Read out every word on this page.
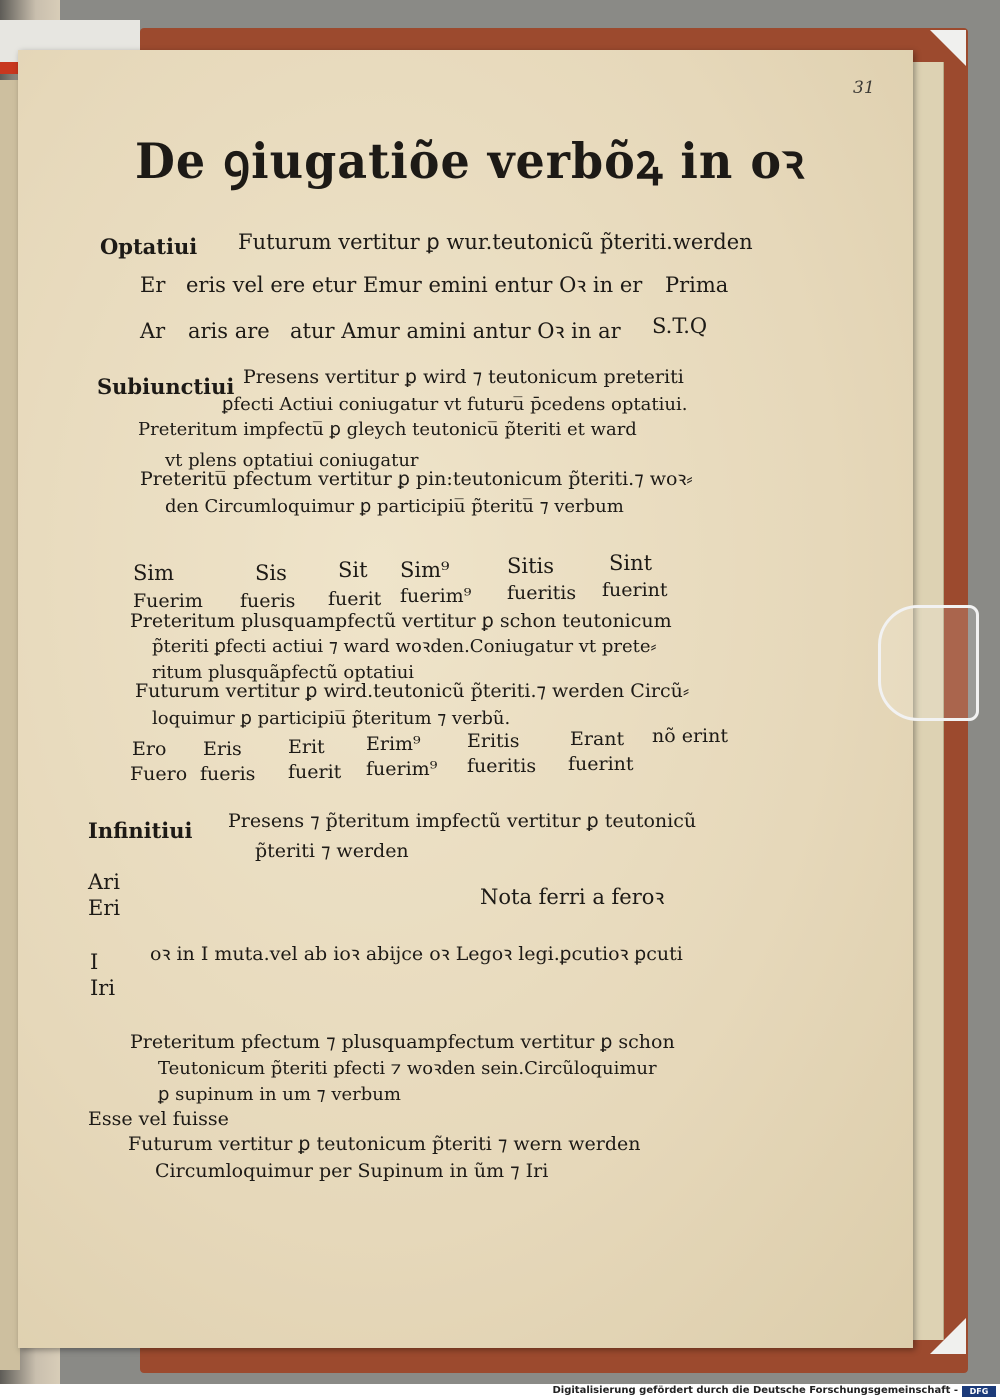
31
De ꝯiugatiõe verbõꝝ in oꝛ
Optatiui Futurum vertitur ꝑ wur.teutonicũ p̃teriti.werden
Er eris vel ere etur Emur emini entur Oꝛ in er Prima
Ar aris are atur Amur amini antur Oꝛ in ar S.T.Q
Subiunctiui Presens vertitur ꝑ wird ⁊ teutonicum preteriti
ꝑfecti Actiui coniugatur vt futuru̅ p̄cedens optatiui.
Preteritum impfectu̅ ꝑ gleych teutonicu̅ p̃teriti et ward
vt plens optatiui coniugatur
Preteritu̅ pfectum vertitur ꝑ pin:teutonicum p̃teriti.⁊ woꝛ⸗
den Circumloquimur ꝑ participiu̅ p̃teritu̅ ⁊ verbum
Sim	Sis Sit Sim⁹	Sitis	Sint
Fuerim fueris fuerit fuerim⁹ fueritis fuerint
Preteritum plusquampfectũ vertitur ꝑ schon teutonicum
p̃teriti ꝑfecti actiui ⁊ ward woꝛden.Coniugatur vt prete⸗
ritum plusquãpfectũ optatiui
Futurum vertitur ꝑ wird.teutonicũ p̃teriti.⁊ werden Circũ⸗
loquimur ꝑ participiu̅ p̃teritum ⁊ verbũ.
Ero Eris Erit Erim⁹ Eritis	Erant nõ erint
Fuero fueris fuerit fuerim⁹ fueritis fuerint
Infinitiui Presens ⁊ p̃teritum impfectũ vertitur ꝑ teutonicũ
p̃teriti ⁊ werden
Ari
Eri	Nota ferri a feroꝛ
I
Iri
oꝛ in I muta.vel ab ioꝛ abijce oꝛ Legoꝛ legi.ꝑcutioꝛ ꝑcuti
Preteritum pfectum ⁊ plusquampfectum vertitur ꝑ schon
Teutonicum p̃teriti pfecti ⁊ woꝛden sein.Circũloquimur
ꝑ supinum in um ⁊ verbum
Esse vel fuisse
Futurum vertitur ꝑ teutonicum p̃teriti ⁊ wern werden
Circumloquimur per Supinum in ũm ⁊ Iri
Digitalisierung gefördert durch die Deutsche Forschungsgemeinschaft -	DFG
